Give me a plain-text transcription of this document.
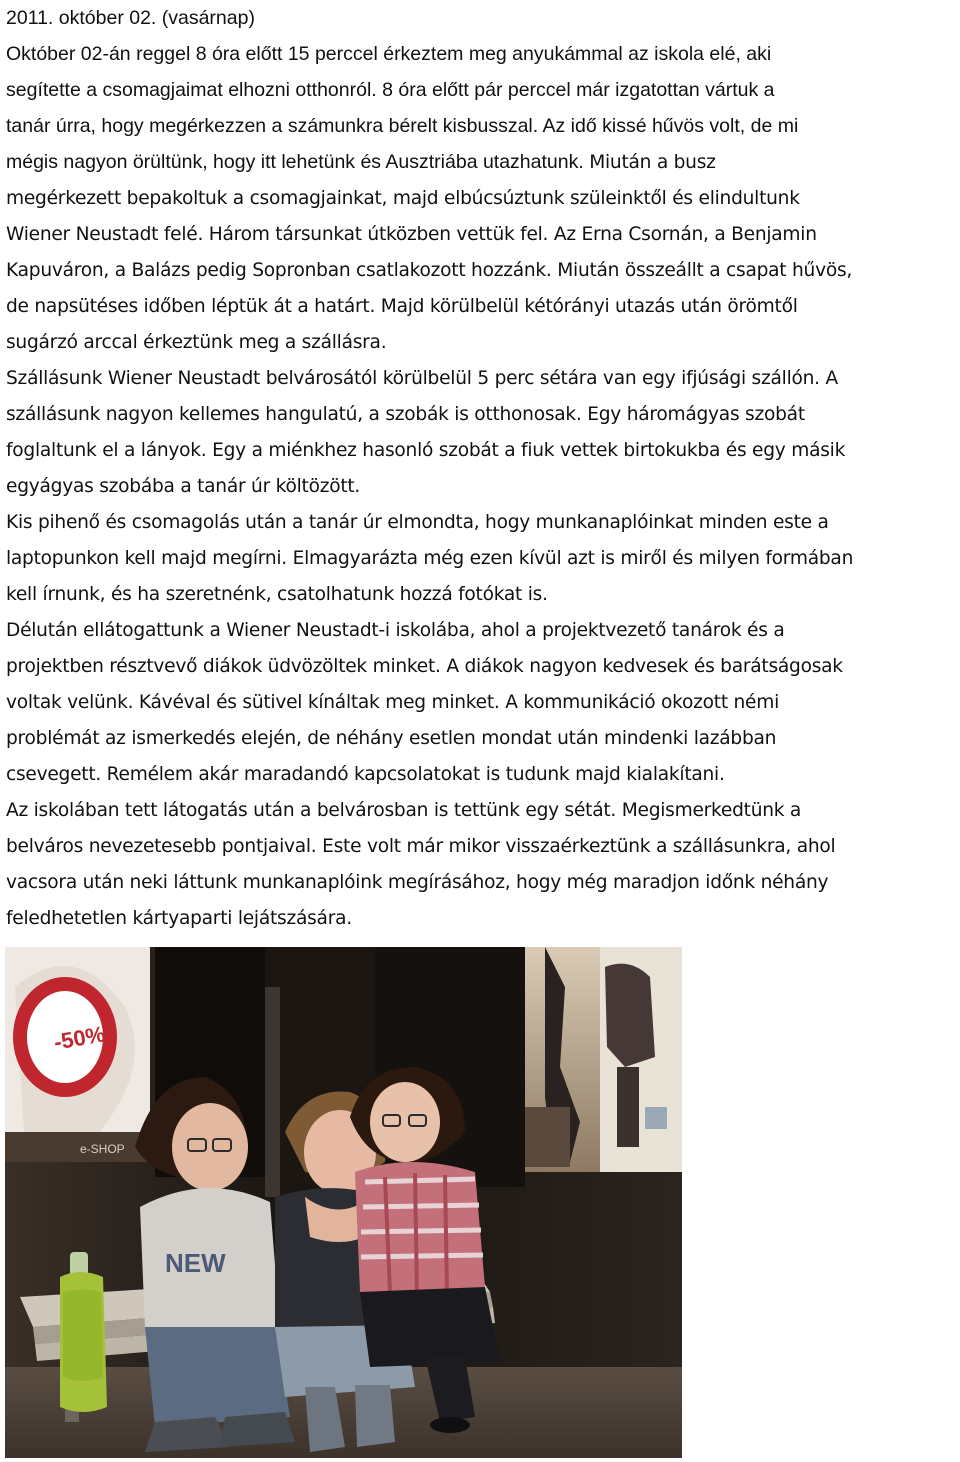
2011. október 02. (vasárnap)

Október 02-án reggel 8 óra előtt 15 perccel érkeztem meg anyukámmal az iskola elé, aki
segítette a csomagjaimat elhozni otthonról. 8 óra előtt pár perccel már izgatottan vártuk a
tanár úrra, hogy megérkezzen a számunkra bérelt kisbusszal. Az idő kissé hűvös volt, de mi
mégis nagyon örültünk, hogy itt lehetünk és Ausztriába utazhatunk. Miután a busz
megérkezett bepakoltuk a csomagjainkat, majd elbúcsúztunk szüleinktől és elindultunk
Wiener Neustadt felé. Három társunkat útközben vettük fel. Az Erna Csornán, a Benjamin
Kapuváron, a Balázs pedig Sopronban csatlakozott hozzánk. Miután összeállt a csapat hűvös,
de napsütéses időben léptük át a határt. Majd körülbelül kétórányi utazás után örömtől
sugárzó arccal érkeztünk meg a szállásra.
Szállásunk Wiener Neustadt belvárosától körülbelül 5 perc sétára van egy ifjúsági szállón. A
szállásunk nagyon kellemes hangulatú, a szobák is otthonosak. Egy háromágyas szobát
foglaltunk el a lányok. Egy a miénkhez hasonló szobát a fiuk vettek birtokukba és egy másik
egyágyas szobába a tanár úr költözött.
Kis pihenő és csomagolás után a tanár úr elmondta, hogy munkanaplóinkat minden este a
laptopunkon kell majd megírni. Elmagyarázta még ezen kívül azt is miről és milyen formában
kell írnunk, és ha szeretnénk, csatolhatunk hozzá fotókat is.
Délután ellátogattunk a Wiener Neustadt-i iskolába, ahol a projektvezető tanárok és a
projektben résztvevő diákok üdvözöltek minket. A diákok nagyon kedvesek és barátságosak
voltak velünk. Kávéval és sütivel kínáltak meg minket. A kommunikáció okozott némi
problémát az ismerkedés elején, de néhány esetlen mondat után mindenki lazábban
csevegett. Remélem akár maradandó kapcsolatokat is tudunk majd kialakítani.
Az iskolában tett látogatás után a belvárosban is tettünk egy sétát. Megismerkedtünk a
belváros nevezetesebb pontjaival. Este volt már mikor visszaérkeztünk a szállásunkra, ahol
vacsora után neki láttunk munkanaplóink megírásához, hogy még maradjon időnk néhány
feledhetetlen kártyaparti lejátszására.
Sale
-50%
e-SHOP
NEW
